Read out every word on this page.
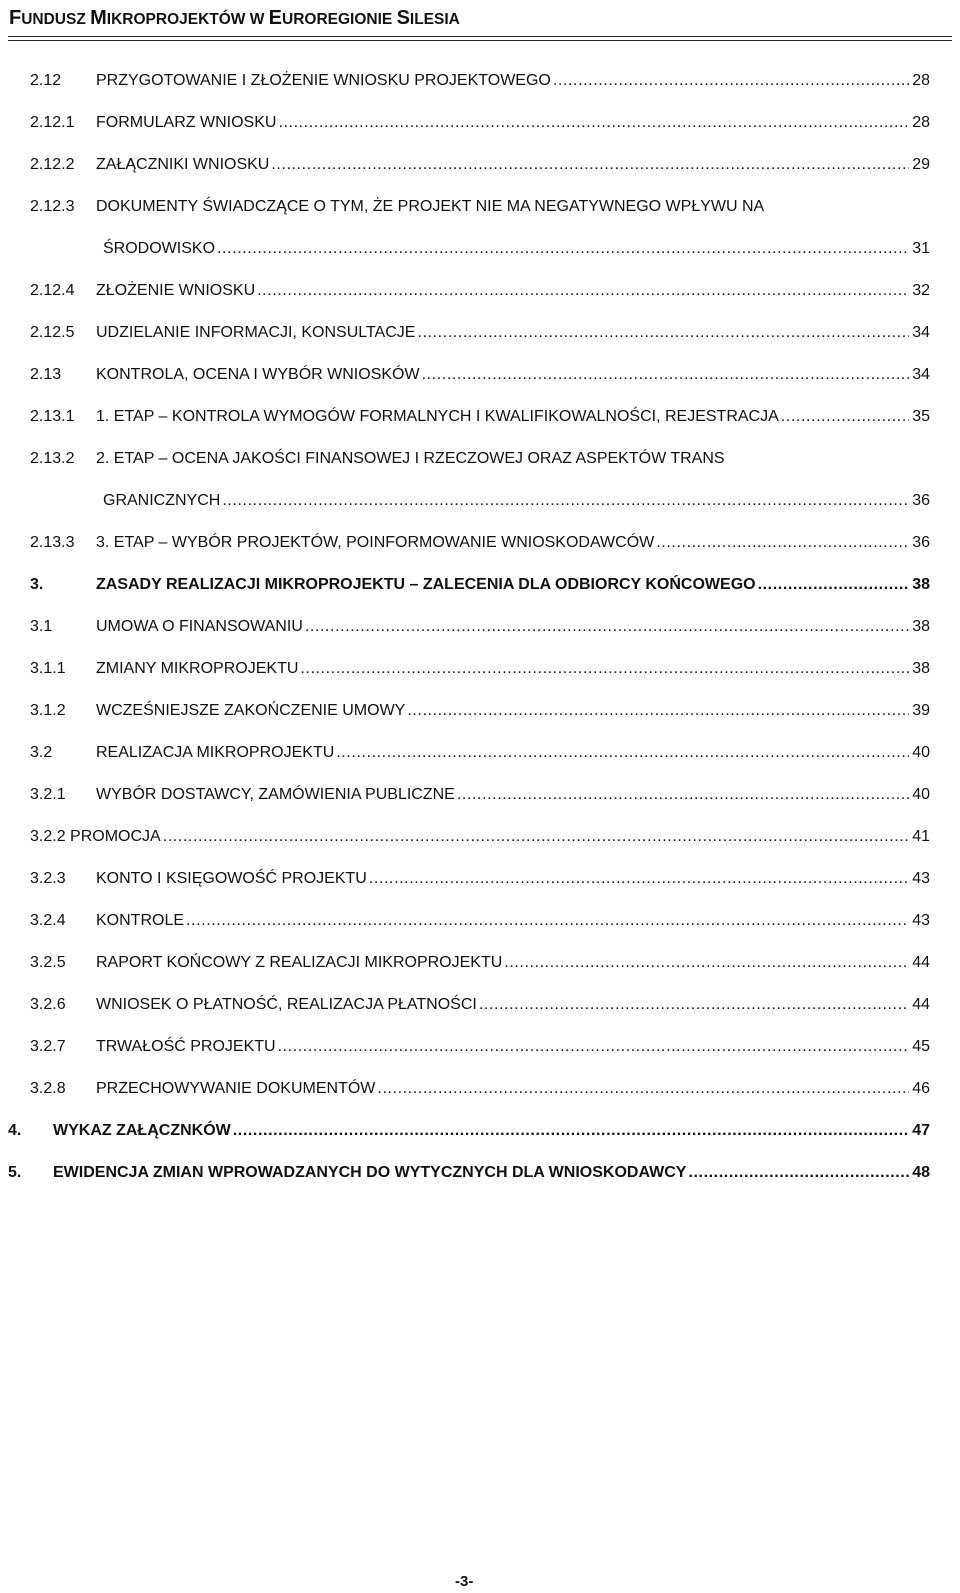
FUNDUSZ MIKROPROJEKTÓW W EUROREGIONIE SILESIA
2.12	PRZYGOTOWANIE I ZŁOŻENIE WNIOSKU PROJEKTOWEGO .....	28
2.12.1	FORMULARZ WNIOSKU .....	28
2.12.2	ZAŁĄCZNIKI WNIOSKU .....	29
2.12.3	DOKUMENTY ŚWIADCZĄCE O TYM, ŻE PROJEKT NIE MA NEGATYWNEGO WPŁYWU NA
ŚRODOWISKO .....	31
2.12.4	ZŁOŻENIE WNIOSKU .....	32
2.12.5	UDZIELANIE INFORMACJI, KONSULTACJE .....	34
2.13	KONTROLA, OCENA I WYBÓR WNIOSKÓW .....	34
2.13.1	1. ETAP – KONTROLA WYMOGÓW FORMALNYCH I KWALIFIKOWALNOŚCI, REJESTRACJA .....	35
2.13.2	2. ETAP – OCENA JAKOŚCI FINANSOWEJ I RZECZOWEJ ORAZ ASPEKTÓW TRANS
GRANICZNYCH .....	36
2.13.3	3. ETAP – WYBÓR PROJEKTÓW, POINFORMOWANIE WNIOSKODAWCÓW .....	36
3.	ZASADY REALIZACJI MIKROPROJEKTU – ZALECENIA DLA ODBIORCY KOŃCOWEGO .....	38
3.1	UMOWA O FINANSOWANIU .....	38
3.1.1	ZMIANY MIKROPROJEKTU .....	38
3.1.2	WCZEŚNIEJSZE ZAKOŃCZENIE UMOWY .....	39
3.2	REALIZACJA MIKROPROJEKTU .....	40
3.2.1	WYBÓR DOSTAWCY, ZAMÓWIENIA PUBLICZNE .....	40
3.2.2 PROMOCJA .....	41
3.2.3	KONTO I KSIĘGOWOŚĆ PROJEKTU .....	43
3.2.4	KONTROLE .....	43
3.2.5	RAPORT KOŃCOWY Z REALIZACJI MIKROPROJEKTU .....	44
3.2.6	WNIOSEK O PŁATNOŚĆ, REALIZACJA PŁATNOŚCI .....	44
3.2.7	TRWAŁOŚĆ PROJEKTU .....	45
3.2.8	PRZECHOWYWANIE DOKUMENTÓW .....	46
4.	WYKAZ ZAŁĄCZNKÓW .....	47
5.	EWIDENCJA ZMIAN WPROWADZANYCH DO WYTYCZNYCH DLA WNIOSKODAWCY .....	48
-3-
